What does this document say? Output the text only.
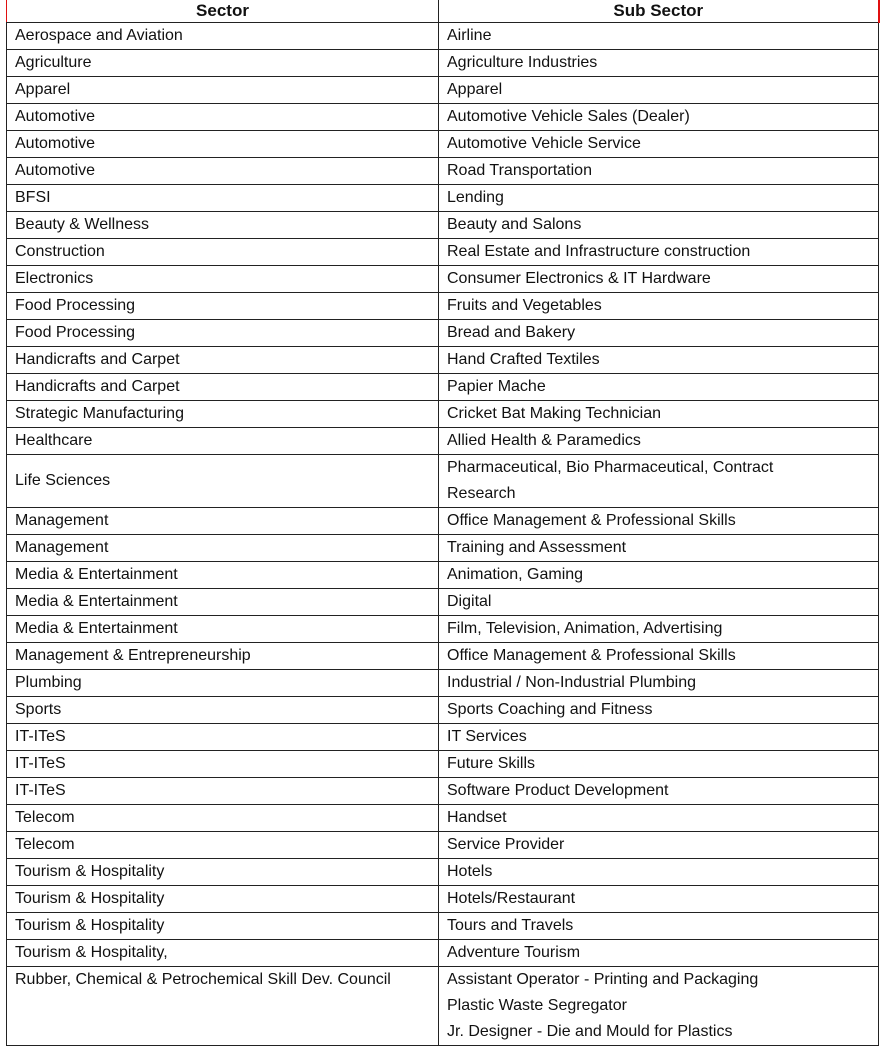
Sector	Sub Sector
Aerospace and Aviation	Airline

Agriculture	Agriculture Industries

Apparel	Apparel

Automotive	Automotive Vehicle Sales (Dealer)

Automotive	Automotive Vehicle Service

Automotive	Road Transportation

BFSI	Lending

Beauty & Wellness	Beauty and Salons

Construction	Real Estate and Infrastructure construction

Electronics	Consumer Electronics & IT Hardware

Food Processing	Fruits and Vegetables

Food Processing	Bread and Bakery

Handicrafts and Carpet	Hand Crafted Textiles

Handicrafts and Carpet	Papier Mache

Strategic Manufacturing	Cricket Bat Making Technician

Healthcare	Allied Health & Paramedics

Life Sciences	Pharmaceutical, Bio Pharmaceutical, Contract
Research

Management	Office Management & Professional Skills

Management	Training and Assessment

Media & Entertainment	Animation, Gaming

Media & Entertainment	Digital

Media & Entertainment	Film, Television, Animation, Advertising

Management & Entrepreneurship	Office Management & Professional Skills

Plumbing	Industrial / Non-Industrial Plumbing

Sports	Sports Coaching and Fitness

IT-ITeS	IT Services

IT-ITeS	Future Skills

IT-ITeS	Software Product Development

Telecom	Handset

Telecom	Service Provider

Tourism & Hospitality	Hotels

Tourism & Hospitality	Hotels/Restaurant

Tourism & Hospitality	Tours and Travels

Tourism & Hospitality,	Adventure Tourism

Rubber, Chemical & Petrochemical Skill Dev. Council	Assistant Operator - Printing and Packaging
Plastic Waste Segregator
Jr. Designer - Die and Mould for Plastics
